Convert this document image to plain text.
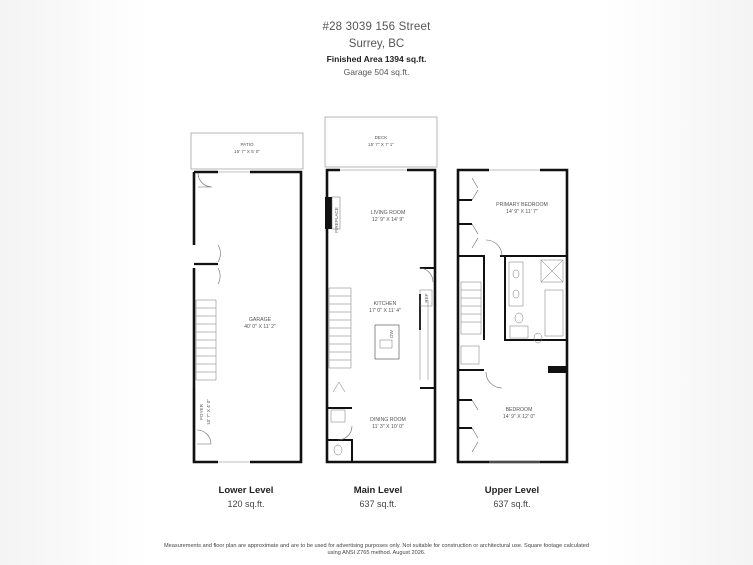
#28 3039 156 Street
Surrey, BC
Finished Area 1394 sq.ft.
Garage 504 sq.ft.
PATIO
15' 7" X 5' 0"
GARAGE
40' 0" X 11' 2"
FOYER 10' 7" X 4' 0"
DECK
15' 7" X 7' 1"
LIVING ROOM
12' 9" X 14' 9"
KITCHEN
17' 0" X 11' 4"
DINING ROOM
11' 3" X 10' 0"
FIREPLACE
REF
DW
PRIMARY BEDROOM
14' 9" X 11' 7"
BEDROOM
14' 9" X 12' 0"
Lower Level
120 sq.ft.
Main Level
637 sq.ft.
Upper Level
637 sq.ft.
Measurements and floor plan are approximate and are to be used for advertising purposes only. Not suitable for construction or architectural use. Square footage calculated using ANSI Z765 method. August 2026.
